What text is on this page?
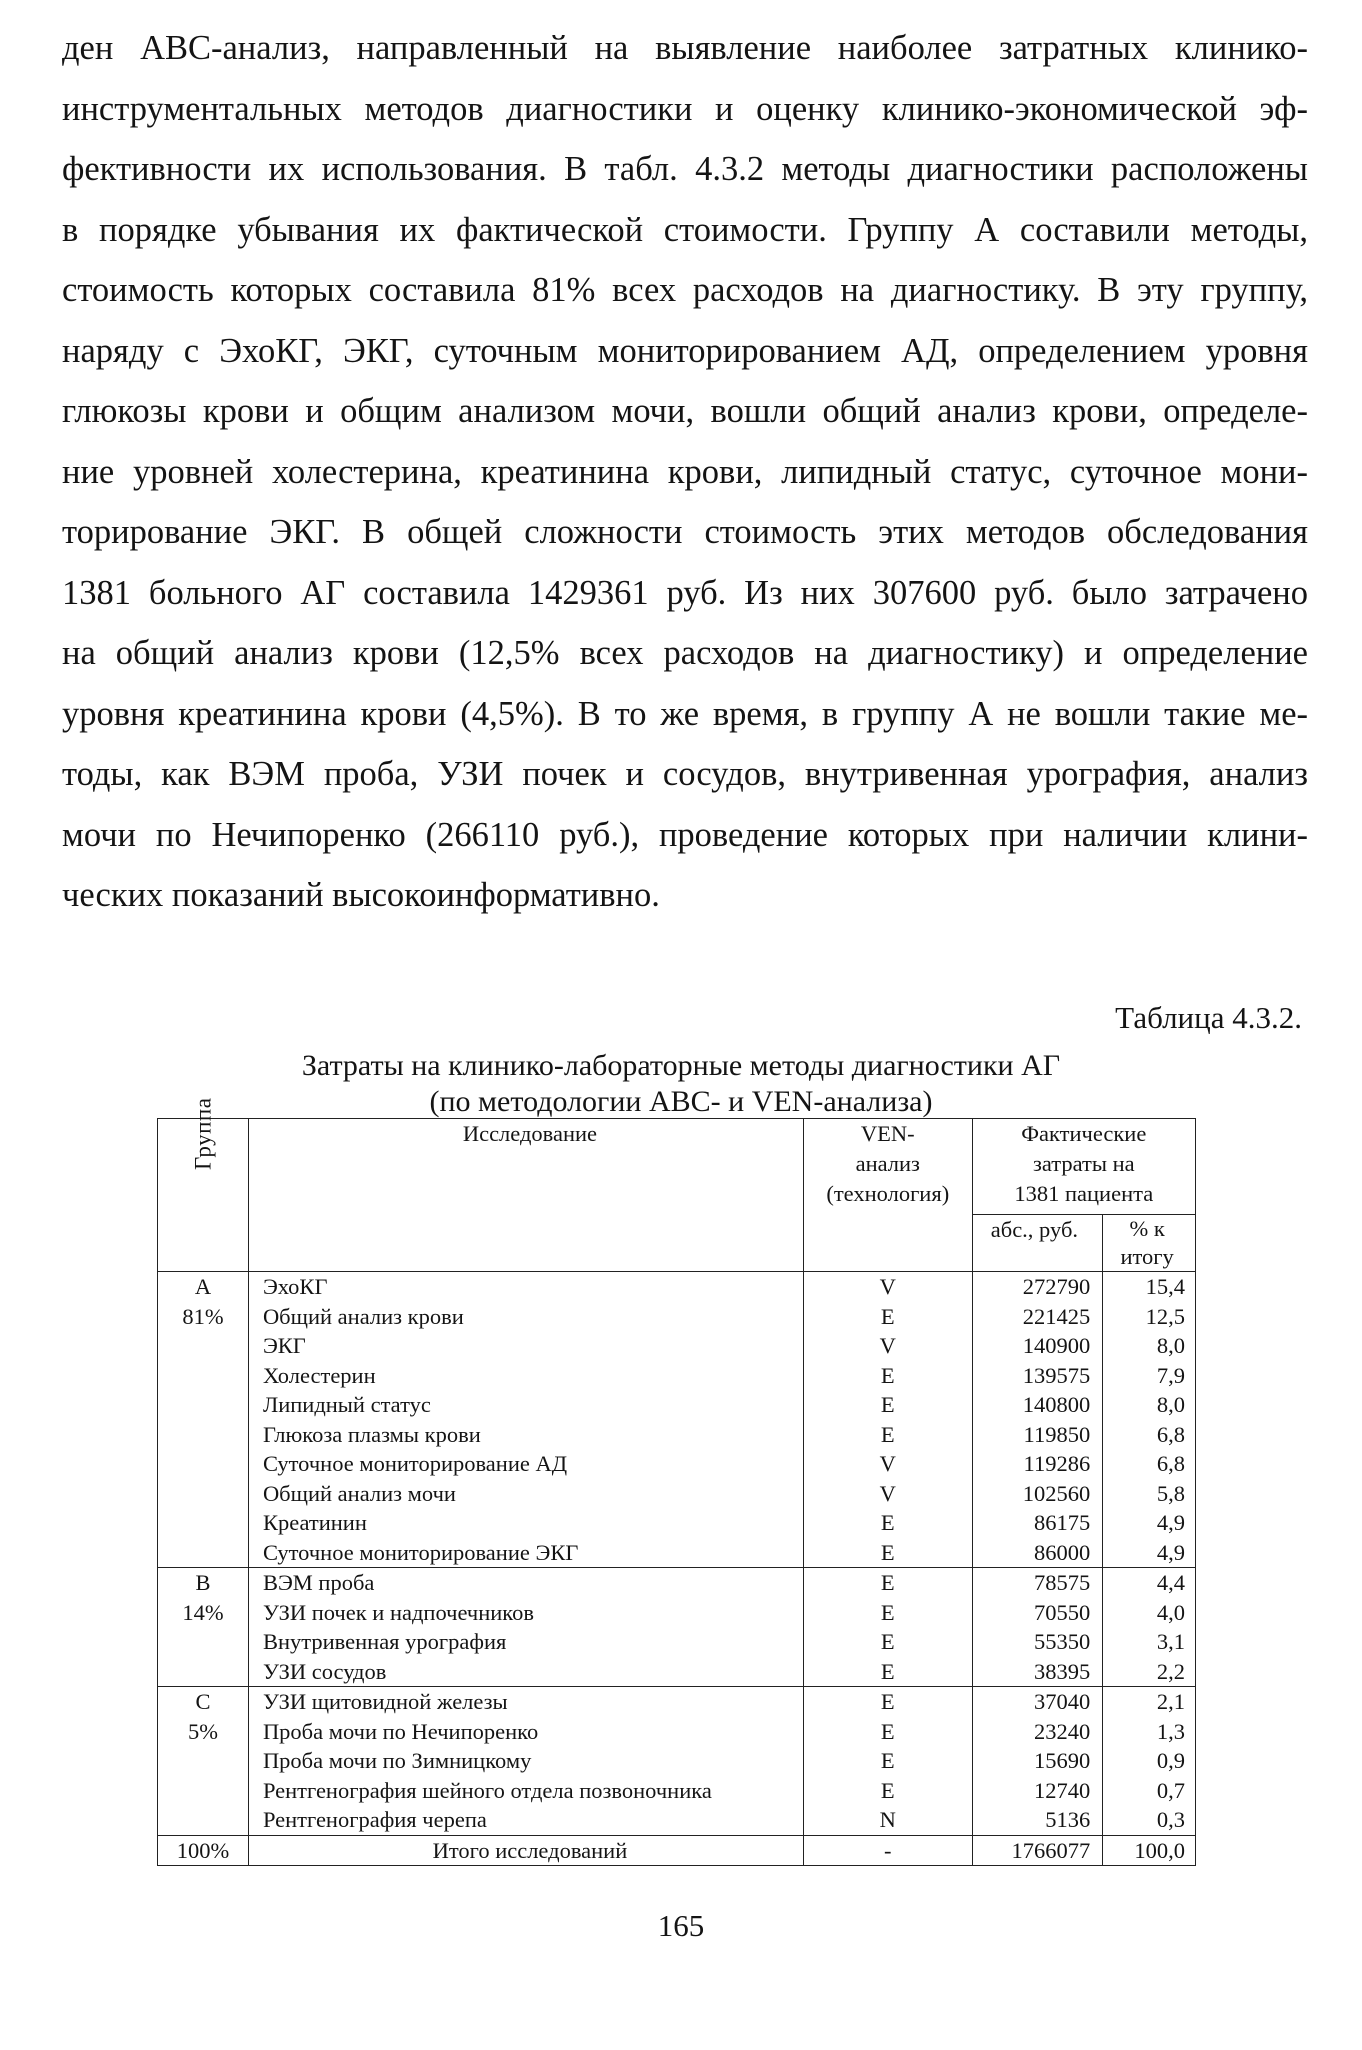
ден ABC-анализ, направленный на выявление наиболее затратных клинико-
инструментальных методов диагностики и оценку клинико-экономической эф-
фективности их использования. В табл. 4.3.2 методы диагностики расположены
в порядке убывания их фактической стоимости. Группу А составили методы,
стоимость которых составила 81% всех расходов на диагностику. В эту группу,
наряду с ЭхоКГ, ЭКГ, суточным мониторированием АД, определением уровня
глюкозы крови и общим анализом мочи, вошли общий анализ крови, определе-
ние уровней холестерина, креатинина крови, липидный статус, суточное мони-
торирование ЭКГ. В общей сложности стоимость этих методов обследования
1381 больного АГ составила 1429361 руб. Из них 307600 руб. было затрачено
на общий анализ крови (12,5% всех расходов на диагностику) и определение
уровня креатинина крови (4,5%). В то же время, в группу А не вошли такие ме-
тоды, как ВЭМ проба, УЗИ почек и сосудов, внутривенная урография, анализ
мочи по Нечипоренко (266110 руб.), проведение которых при наличии клини-
ческих показаний высокоинформативно.

Таблица 4.3.2.

Затраты на клинико-лабораторные методы диагностики АГ
(по методологии ABC- и VEN-анализа)

Группа	Исследование	VEN-
анализ
(технология)	Фактические
затраты на
1381 пациента	
			абс., руб.	% к
итогу
A	ЭхоКГ	V	272790	15,4
81%	Общий анализ крови	E	221425	12,5
	ЭКГ	V	140900	8,0
	Холестерин	E	139575	7,9
	Липидный статус	E	140800	8,0
	Глюкоза плазмы крови	E	119850	6,8
	Суточное мониторирование АД	V	119286	6,8
	Общий анализ мочи	V	102560	5,8
	Креатинин	E	86175	4,9
	Суточное мониторирование ЭКГ	E	86000	4,9
B	ВЭМ проба	E	78575	4,4
14%	УЗИ почек и надпочечников	E	70550	4,0
	Внутривенная урография	E	55350	3,1
	УЗИ сосудов	E	38395	2,2
C	УЗИ щитовидной железы	E	37040	2,1
5%	Проба мочи по Нечипоренко	E	23240	1,3
	Проба мочи по Зимницкому	E	15690	0,9
	Рентгенография шейного отдела позвоночника	E	12740	0,7
	Рентгенография черепа	N	5136	0,3
100%	Итого исследований	-	1766077	100,0
165
